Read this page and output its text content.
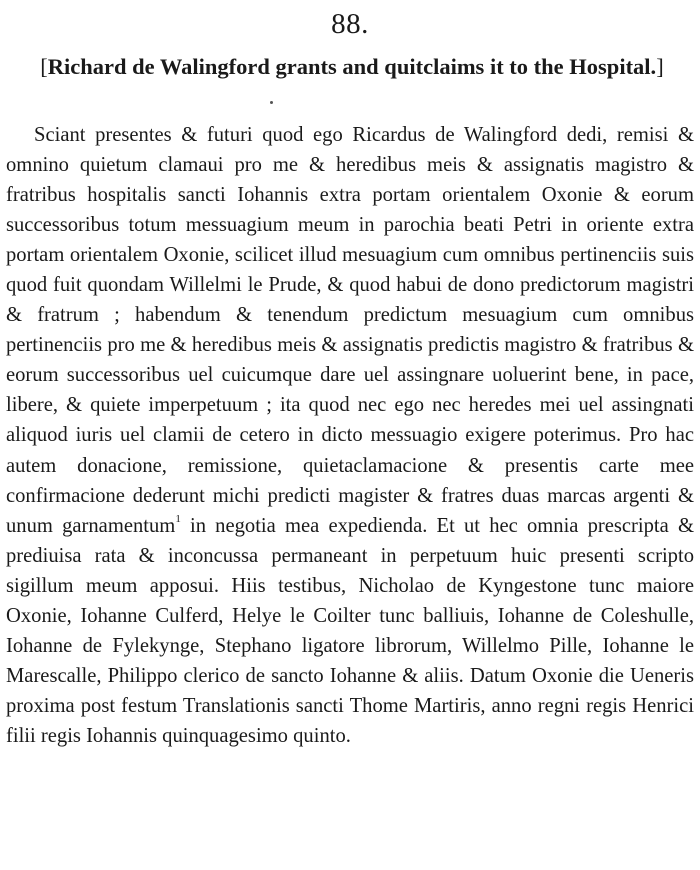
88.
[Richard de Walingford grants and quitclaims it to the Hospital.]

Sciant presentes & futuri quod ego Ricardus de Walingford dedi, remisi & omnino quietum clamaui pro me & heredibus meis & assignatis magistro & fratribus hospitalis sancti Iohannis extra portam orientalem Oxonie & eorum successoribus totum messuagium meum in parochia beati Petri in oriente extra portam orientalem Oxonie, scilicet illud mesuagium cum omnibus pertinenciis suis quod fuit quondam Willelmi le Prude, & quod habui de dono predictorum magistri & fratrum ; habendum & tenendum predictum mesuagium cum omnibus pertinenciis pro me & heredibus meis & assignatis predictis magistro & fratribus & eorum successoribus uel cuicumque dare uel assingnare uoluerint bene, in pace, libere, & quiete imperpetuum ; ita quod nec ego nec heredes mei uel assingnati aliquod iuris uel clamii de cetero in dicto messuagio exigere poterimus. Pro hac autem donacione, remissione, quietaclamacione & presentis carte mee confirmacione dederunt michi predicti magister & fratres duas marcas argenti & unum garnamentum$^1$ in negotia mea expedienda. Et ut hec omnia prescripta & prediuisa rata & inconcussa permaneant in perpetuum huic presenti scripto sigillum meum apposui. Hiis testibus, Nicholao de Kyngestone tunc maiore Oxonie, Iohanne Culferd, Helye le Coilter tunc balliuis, Iohanne de Coleshulle, Iohanne de Fylekynge, Stephano ligatore librorum, Willelmo Pille, Iohanne le Marescalle, Philippo clerico de sancto Iohanne & aliis. Datum Oxonie die Ueneris proxima post festum Translationis sancti Thome Martiris, anno regni regis Henrici filii regis Iohannis quinquagesimo quinto.
